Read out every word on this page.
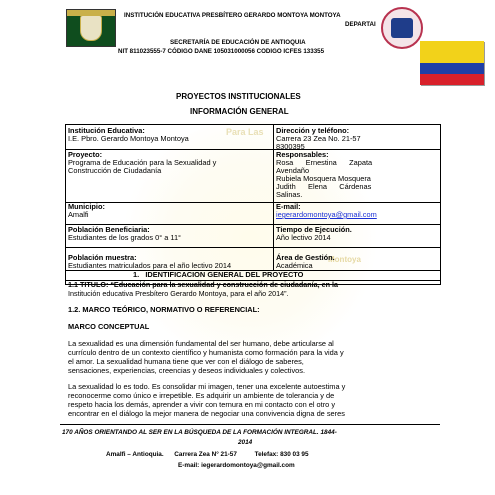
Para Las
Montoya
INSTITUCIÓN EDUCATIVA PRESBÍTERO GERARDO MONTOYA MONTOYA
DEPARTAI
SECRETARÍA DE EDUCACIÓN DE ANTIOQUIA
NIT 811023555-7 CÓDIGO DANE 105031000056 CODIGO ICFES 133355
PROYECTOS INSTITUCIONALES
INFORMACIÓN GENERAL
Institución Educativa:
I.E. Pbro. Gerardo Montoya Montoya
Dirección y teléfono:
Carrera 23 Zea No. 21-57
8300395
Proyecto:
Programa de Educación para la Sexualidad y
Construcción de Ciudadanía
Responsables:
Rosa      Ernestina      Zapata
Avendaño
Rubiela Mosquera Mosquera
Judith      Elena      Cárdenas
Salinas.
Municipio:
Amalfi
E-mail:
iegerardomontoya@gmail.com
Población Beneficiaria:
Estudiantes de los grados 0° a 11°
Tiempo de Ejecución.
Año lectivo 2014
Población muestra:
Estudiantes matriculados para el año lectivo 2014
Área de Gestión.
Académica
1.   IDENTIFICACION GENERAL DEL PROYECTO
1.1 TITULO: “Educación para la sexualidad y construcción de ciudadanía, en la
Institución educativa Presbítero Gerardo Montoya, para el año 2014”.
1.2. MARCO TEÓRICO, NORMATIVO O REFERENCIAL:
MARCO CONCEPTUAL
La sexualidad es una dimensión fundamental del ser humano, debe articularse al
currículo dentro de un contexto científico y humanista como formación para la vida y
el amor. La sexualidad humana tiene que ver con el diálogo de saberes,
sensaciones, experiencias, creencias y deseos individuales y colectivos.
La sexualidad lo es todo. Es consolidar mi imagen, tener una excelente autoestima y
reconocerme como único e irrepetible. Es adquirir un ambiente de tolerancia y de
respeto hacia los demás, aprender a vivir con ternura en mi contacto con el otro y
encontrar en el diálogo la mejor manera de negociar una convivencia digna de seres
170 AÑOS ORIENTANDO AL SER EN LA BÚSQUEDA DE LA FORMACIÓN INTEGRAL. 1844-
2014
Amalfi – Antioquia.      Carrera Zea N° 21-57          Telefax: 830 03 95
E-mail: iegerardomontoya@gmail.com
